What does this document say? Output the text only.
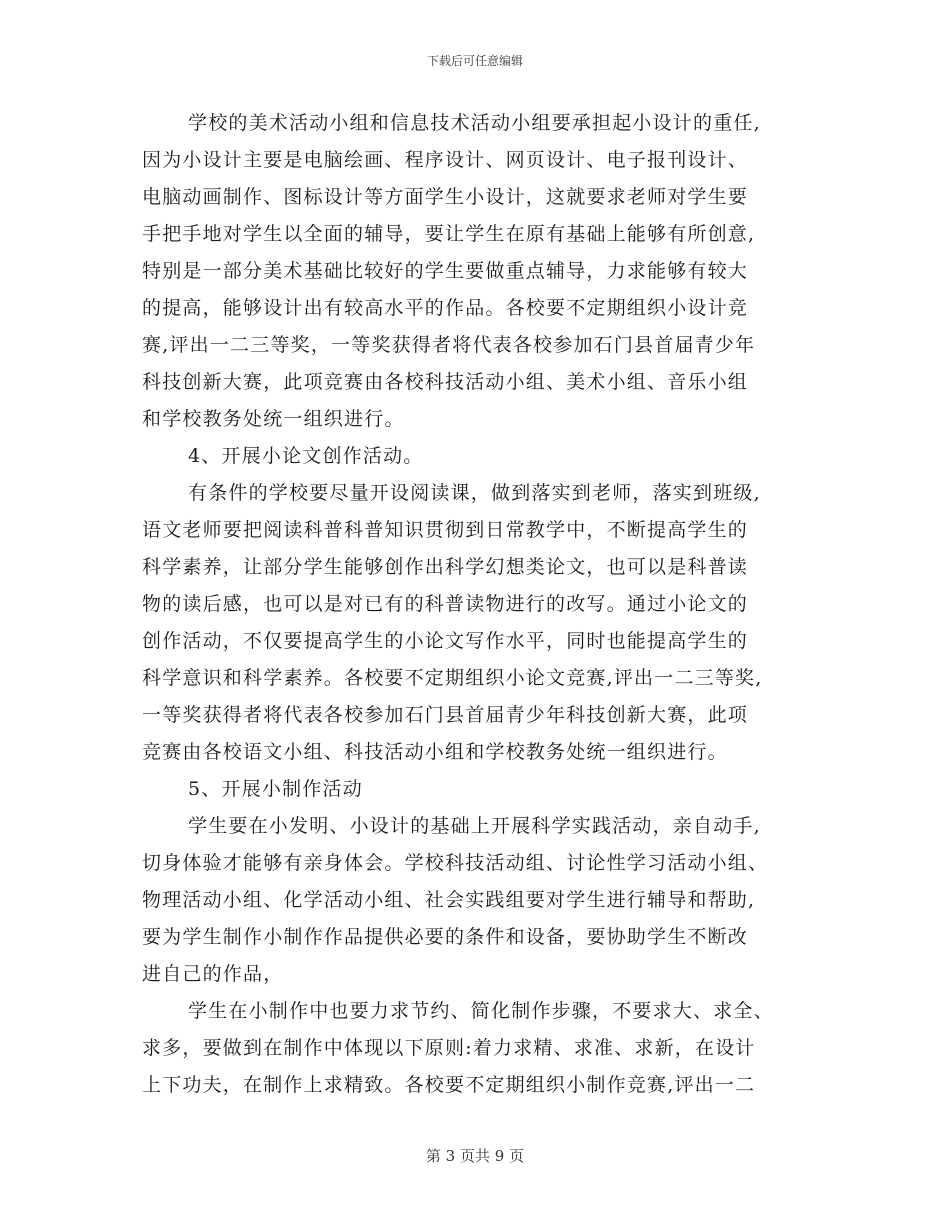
下载后可任意编辑
学校的美术活动小组和信息技术活动小组要承担起小设计的重任,
因为小设计主要是电脑绘画、程序设计、网页设计、电子报刊设计、
电脑动画制作、图标设计等方面学生小设计，这就要求老师对学生要
手把手地对学生以全面的辅导，要让学生在原有基础上能够有所创意,
特别是一部分美术基础比较好的学生要做重点辅导，力求能够有较大
的提高，能够设计出有较高水平的作品。各校要不定期组织小设计竞
赛,评出一二三等奖，一等奖获得者将代表各校参加石门县首届青少年
科技创新大赛，此项竞赛由各校科技活动小组、美术小组、音乐小组
和学校教务处统一组织进行。
4、开展小论文创作活动。
有条件的学校要尽量开设阅读课，做到落实到老师，落实到班级,
语文老师要把阅读科普科普知识贯彻到日常教学中，不断提高学生的
科学素养，让部分学生能够创作出科学幻想类论文，也可以是科普读
物的读后感，也可以是对已有的科普读物进行的改写。通过小论文的
创作活动，不仅要提高学生的小论文写作水平，同时也能提高学生的
科学意识和科学素养。各校要不定期组织小论文竞赛,评出一二三等奖,
一等奖获得者将代表各校参加石门县首届青少年科技创新大赛，此项
竞赛由各校语文小组、科技活动小组和学校教务处统一组织进行。
5、开展小制作活动
学生要在小发明、小设计的基础上开展科学实践活动，亲自动手,
切身体验才能够有亲身体会。学校科技活动组、讨论性学习活动小组、
物理活动小组、化学活动小组、社会实践组要对学生进行辅导和帮助,
要为学生制作小制作作品提供必要的条件和设备，要协助学生不断改
进自己的作品，
学生在小制作中也要力求节约、简化制作步骤，不要求大、求全、
求多，要做到在制作中体现以下原则:着力求精、求准、求新，在设计
上下功夫，在制作上求精致。各校要不定期组织小制作竞赛,评出一二
第 3 页共 9 页
